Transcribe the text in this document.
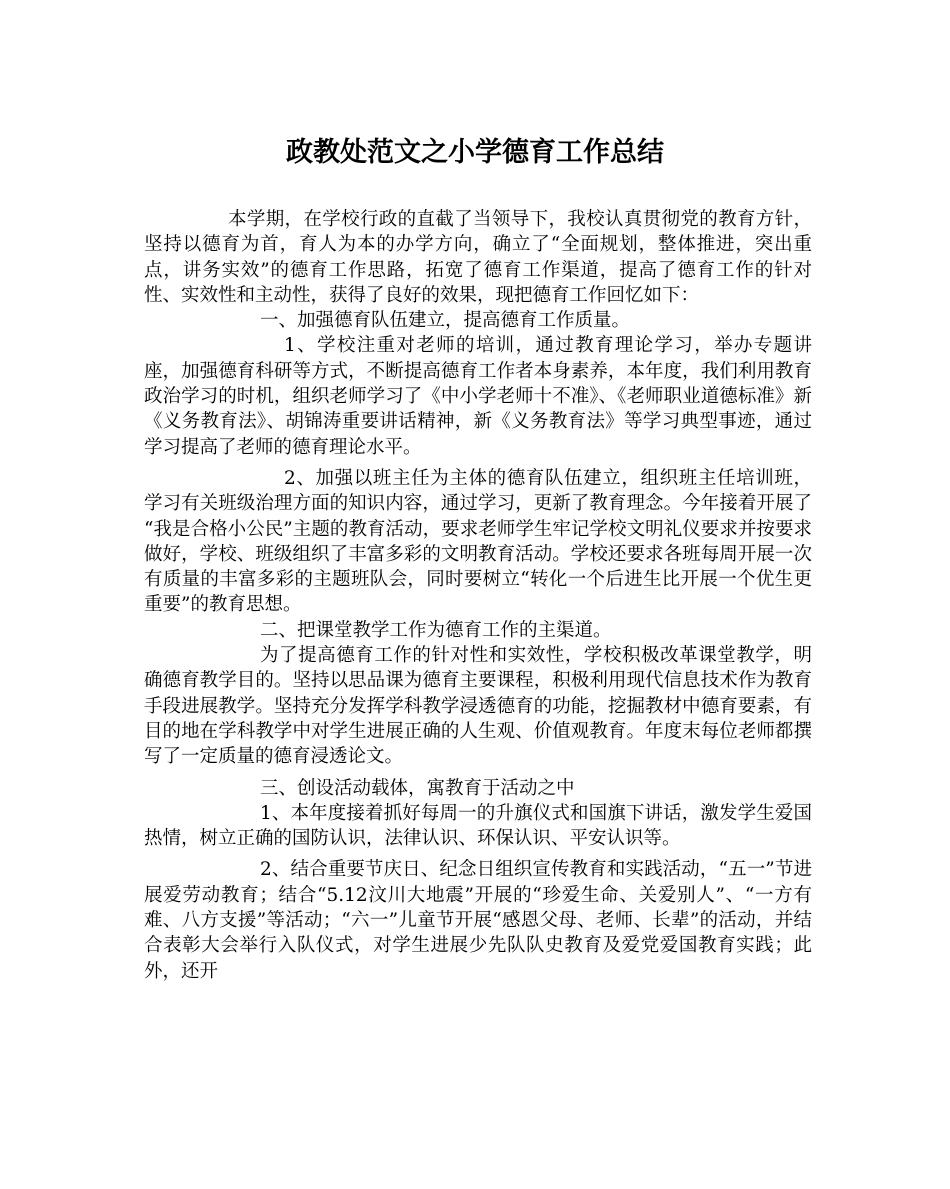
政教处范文之小学德育工作总结

本学期，在学校行政的直截了当领导下，我校认真贯彻党的教育方针，坚持以德育为首，育人为本的办学方向，确立了“全面规划，整体推进，突出重点，讲务实效”的德育工作思路，拓宽了德育工作渠道，提高了德育工作的针对性、实效性和主动性，获得了良好的效果，现把德育工作回忆如下：

一、加强德育队伍建立，提高德育工作质量。

1、学校注重对老师的培训，通过教育理论学习，举办专题讲座，加强德育科研等方式，不断提高德育工作者本身素养，本年度，我们利用教育政治学习的时机，组织老师学习了《中小学老师十不准》、《老师职业道德标准》新《义务教育法》、胡锦涛重要讲话精神，新《义务教育法》等学习典型事迹，通过学习提高了老师的德育理论水平。

2、加强以班主任为主体的德育队伍建立，组织班主任培训班，学习有关班级治理方面的知识内容，通过学习，更新了教育理念。今年接着开展了 “我是合格小公民”主题的教育活动，要求老师学生牢记学校文明礼仪要求并按要求做好，学校、班级组织了丰富多彩的文明教育活动。学校还要求各班每周开展一次有质量的丰富多彩的主题班队会，同时要树立“转化一个后进生比开展一个优生更重要”的教育思想。

二、把课堂教学工作为德育工作的主渠道。

为了提高德育工作的针对性和实效性，学校积极改革课堂教学，明确德育教学目的。坚持以思品课为德育主要课程，积极利用现代信息技术作为教育手段进展教学。坚持充分发挥学科教学浸透德育的功能，挖掘教材中德育要素，有目的地在学科教学中对学生进展正确的人生观、价值观教育。年度末每位老师都撰写了一定质量的德育浸透论文。

三、创设活动载体，寓教育于活动之中

1、本年度接着抓好每周一的升旗仪式和国旗下讲话，激发学生爱国热情，树立正确的国防认识，法律认识、环保认识、平安认识等。

2、结合重要节庆日、纪念日组织宣传教育和实践活动，“五一”节进展爱劳动教育；结合“5.12汶川大地震”开展的“珍爱生命、关爱别人”、“一方有难、八方支援”等活动；“六一”儿童节开展“感恩父母、老师、长辈”的活动，并结合表彰大会举行入队仪式，对学生进展少先队队史教育及爱党爱国教育实践；此外，还开
